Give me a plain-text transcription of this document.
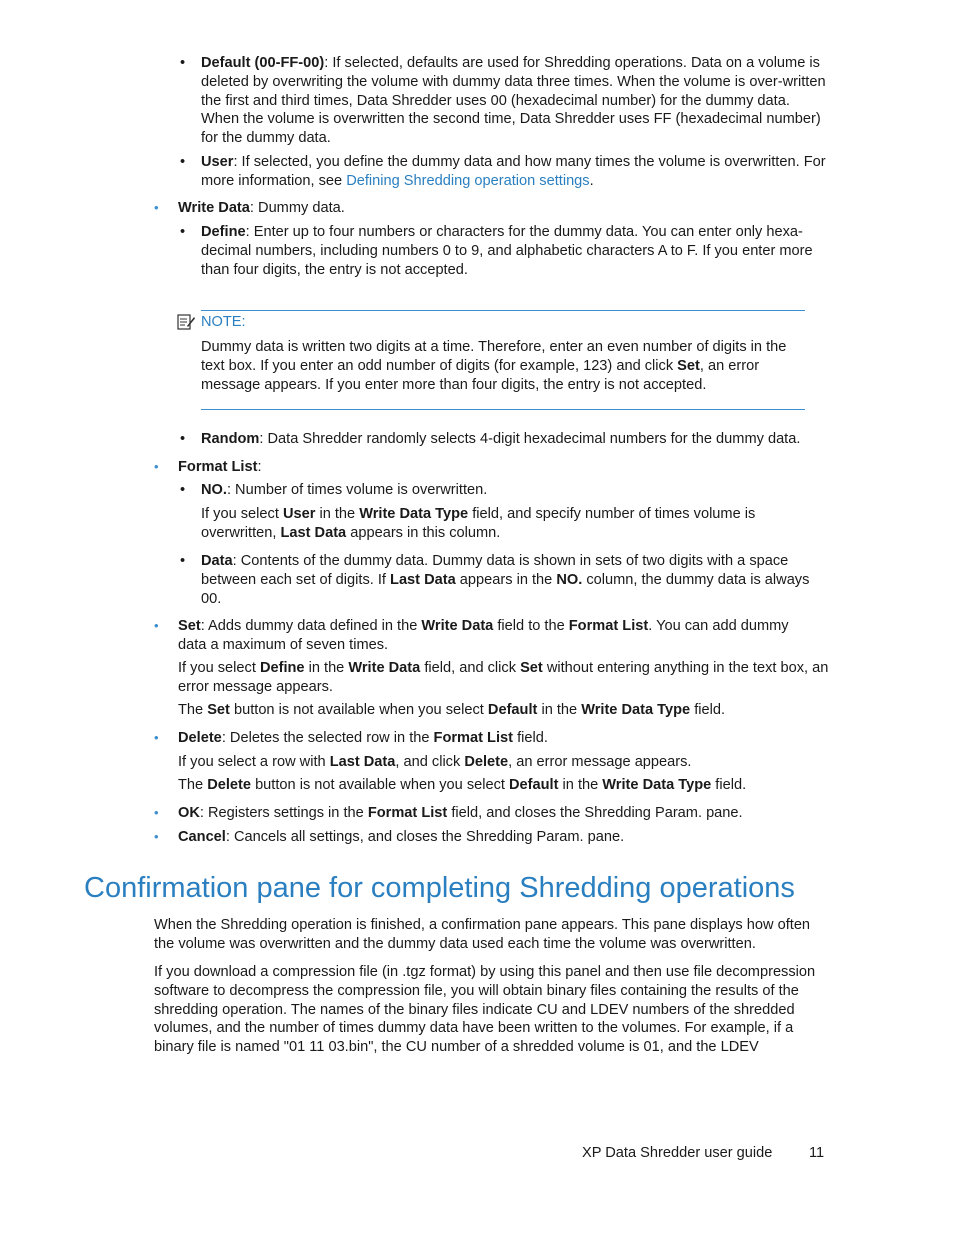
• Default (00-FF-00): If selected, defaults are used for Shredding operations. Data on a volume is deleted by overwriting the volume with dummy data three times. When the volume is over-written the first and third times, Data Shredder uses 00 (hexadecimal number) for the dummy data. When the volume is overwritten the second time, Data Shredder uses FF (hexadecimal number) for the dummy data.

• User: If selected, you define the dummy data and how many times the volume is overwritten. For more information, see Defining Shredding operation settings.

• Write Data: Dummy data.

• Define: Enter up to four numbers or characters for the dummy data. You can enter only hexa-decimal numbers, including numbers 0 to 9, and alphabetic characters A to F. If you enter more than four digits, the entry is not accepted.

NOTE:

Dummy data is written two digits at a time. Therefore, enter an even number of digits in the text box. If you enter an odd number of digits (for example, 123) and click Set, an error message appears. If you enter more than four digits, the entry is not accepted.

• Random: Data Shredder randomly selects 4-digit hexadecimal numbers for the dummy data.

• Format List:

• NO.: Number of times volume is overwritten.

If you select User in the Write Data Type field, and specify number of times volume is overwritten, Last Data appears in this column.

• Data: Contents of the dummy data. Dummy data is shown in sets of two digits with a space between each set of digits. If Last Data appears in the NO. column, the dummy data is always 00.

• Set: Adds dummy data defined in the Write Data field to the Format List. You can add dummy data a maximum of seven times.

If you select Define in the Write Data field, and click Set without entering anything in the text box, an error message appears.

The Set button is not available when you select Default in the Write Data Type field.

• Delete: Deletes the selected row in the Format List field.

If you select a row with Last Data, and click Delete, an error message appears.

The Delete button is not available when you select Default in the Write Data Type field.

• OK: Registers settings in the Format List field, and closes the Shredding Param. pane.

• Cancel: Cancels all settings, and closes the Shredding Param. pane.

Confirmation pane for completing Shredding operations

When the Shredding operation is finished, a confirmation pane appears. This pane displays how often the volume was overwritten and the dummy data used each time the volume was overwritten.

If you download a compression file (in .tgz format) by using this panel and then use file decompression software to decompress the compression file, you will obtain binary files containing the results of the shredding operation. The names of the binary files indicate CU and LDEV numbers of the shredded volumes, and the number of times dummy data have been written to the volumes. For example, if a binary file is named "01 11 03.bin", the CU number of a shredded volume is 01, and the LDEV

XP Data Shredder user guide	11
